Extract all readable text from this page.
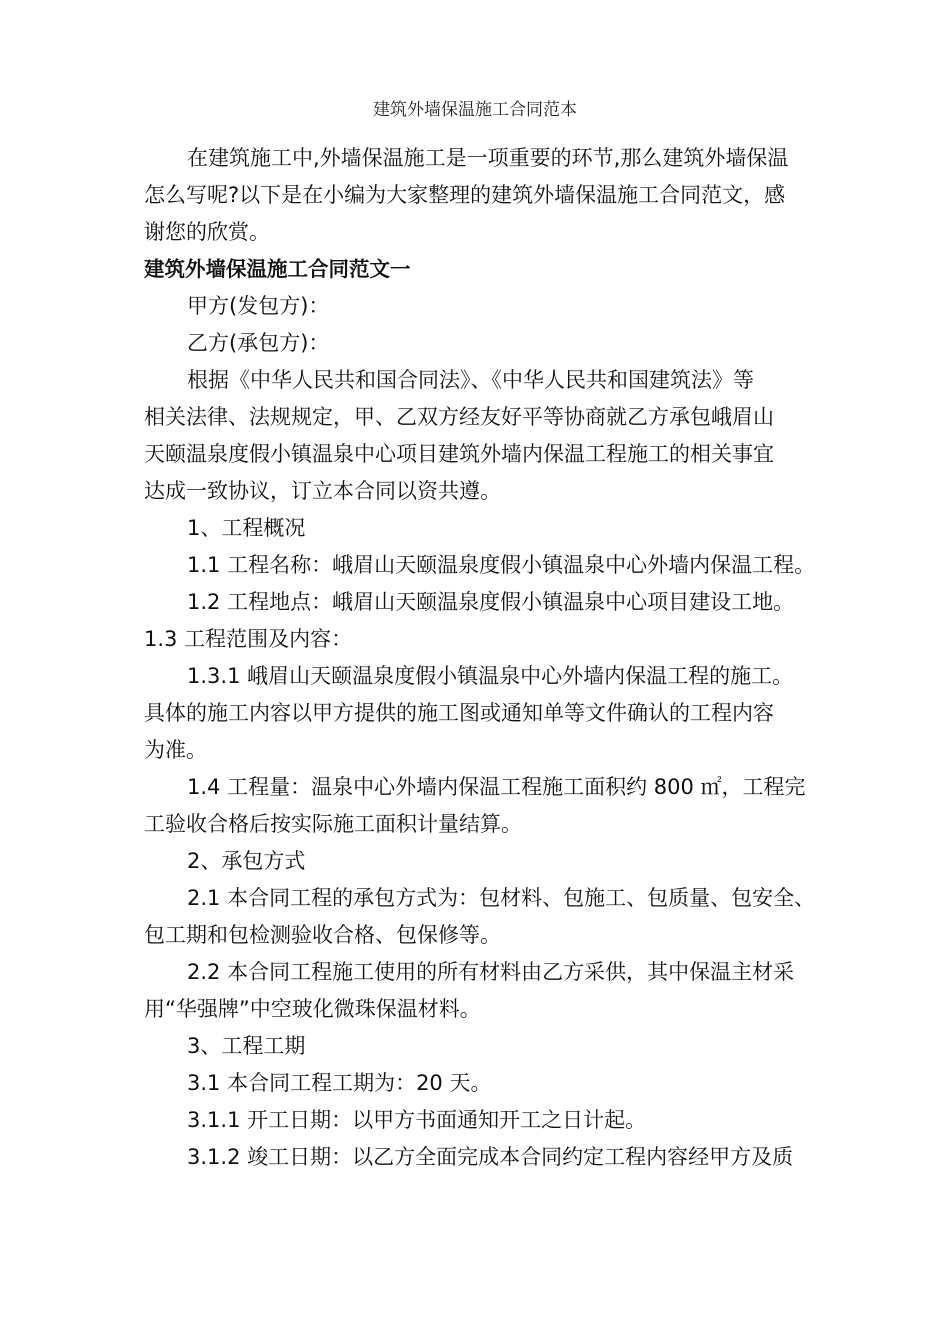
建筑外墙保温施工合同范本
在建筑施工中,外墙保温施工是一项重要的环节,那么建筑外墙保温
怎么写呢?以下是在小编为大家整理的建筑外墙保温施工合同范文，感
谢您的欣赏。
建筑外墙保温施工合同范文一
甲方(发包方)：
乙方(承包方)：
根据《中华人民共和国合同法》、《中华人民共和国建筑法》等
相关法律、法规规定，甲、乙双方经友好平等协商就乙方承包峨眉山
天颐温泉度假小镇温泉中心项目建筑外墙内保温工程施工的相关事宜
达成一致协议，订立本合同以资共遵。
1、工程概况
1.1 工程名称：峨眉山天颐温泉度假小镇温泉中心外墙内保温工程。
1.2 工程地点：峨眉山天颐温泉度假小镇温泉中心项目建设工地。
1.3 工程范围及内容：
1.3.1 峨眉山天颐温泉度假小镇温泉中心外墙内保温工程的施工。
具体的施工内容以甲方提供的施工图或通知单等文件确认的工程内容
为准。
1.4 工程量：温泉中心外墙内保温工程施工面积约 800 ㎡，工程完
工验收合格后按实际施工面积计量结算。
2、承包方式
2.1 本合同工程的承包方式为：包材料、包施工、包质量、包安全、
包工期和包检测验收合格、包保修等。
2.2 本合同工程施工使用的所有材料由乙方采供，其中保温主材采
用“华强牌”中空玻化微珠保温材料。
3、工程工期
3.1 本合同工程工期为：20 天。
3.1.1 开工日期：以甲方书面通知开工之日计起。
3.1.2 竣工日期：以乙方全面完成本合同约定工程内容经甲方及质
